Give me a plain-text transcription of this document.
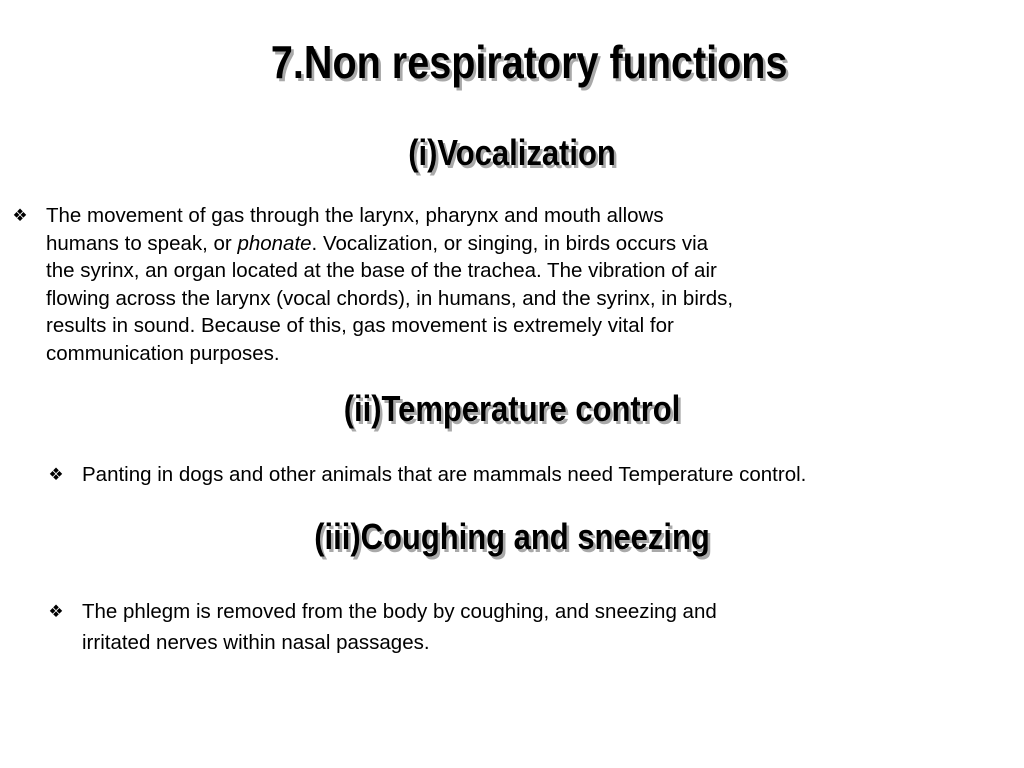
7.Non respiratory functions
(i)Vocalization
❖ The movement of gas through the larynx, pharynx and mouth allows
humans to speak, or phonate. Vocalization, or singing, in birds occurs via
the syrinx, an organ located at the base of the trachea. The vibration of air
flowing across the larynx (vocal chords), in humans, and the syrinx, in birds,
results in sound. Because of this, gas movement is extremely vital for
communication purposes.
(ii)Temperature control
❖ Panting in dogs and other animals that are mammals need Temperature control.
(iii)Coughing and sneezing
❖ The phlegm is removed from the body by coughing, and sneezing and
irritated nerves within nasal passages.
